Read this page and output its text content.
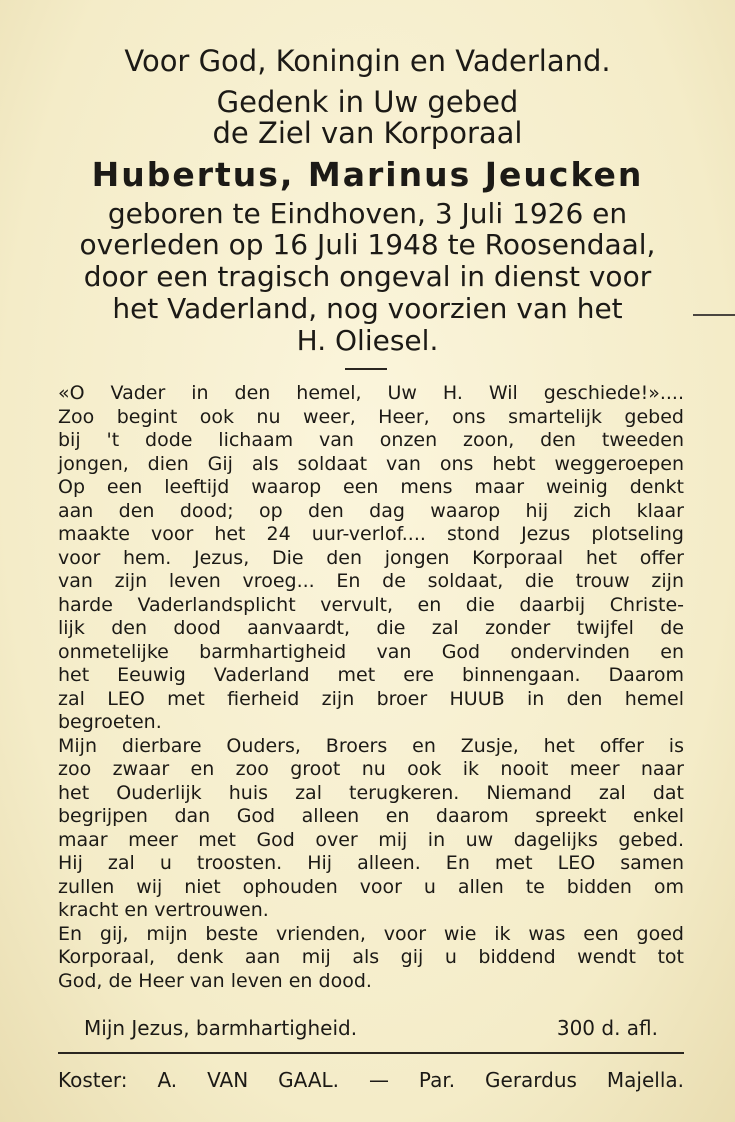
Voor God, Koningin en Vaderland.
Gedenk in Uw gebed
de Ziel van Korporaal
Hubertus, Marinus Jeucken
geboren te Eindhoven, 3 Juli 1926 en
overleden op 16 Juli 1948 te Roosendaal,
door een tragisch ongeval in dienst voor
het Vaderland, nog voorzien van het
H. Oliesel.
«O Vader in den hemel, Uw H. Wil geschiede!»....
Zoo begint ook nu weer, Heer, ons smartelijk gebed
bij 't dode lichaam van onzen zoon, den tweeden
jongen, dien Gij als soldaat van ons hebt weggeroepen
Op een leeftijd waarop een mens maar weinig denkt
aan den dood; op den dag waarop hij zich klaar
maakte voor het 24 uur-verlof.... stond Jezus plotseling
voor hem. Jezus, Die den jongen Korporaal het offer
van zijn leven vroeg... En de soldaat, die trouw zijn
harde Vaderlandsplicht vervult, en die daarbij Christe-
lijk den dood aanvaardt, die zal zonder twijfel de
onmetelijke barmhartigheid van God ondervinden en
het Eeuwig Vaderland met ere binnengaan. Daarom
zal LEO met fierheid zijn broer HUUB in den hemel
begroeten.
Mijn dierbare Ouders, Broers en Zusje, het offer is
zoo zwaar en zoo groot nu ook ik nooit meer naar
het Ouderlijk huis zal terugkeren. Niemand zal dat
begrijpen dan God alleen en daarom spreekt enkel
maar meer met God over mij in uw dagelijks gebed.
Hij zal u troosten. Hij alleen. En met LEO samen
zullen wij niet ophouden voor u allen te bidden om
kracht en vertrouwen.
En gij, mijn beste vrienden, voor wie ik was een goed
Korporaal, denk aan mij als gij u biddend wendt tot
God, de Heer van leven en dood.
Mijn Jezus, barmhartigheid.	300 d. afl.
Koster: A. VAN GAAL. — Par. Gerardus Majella.
